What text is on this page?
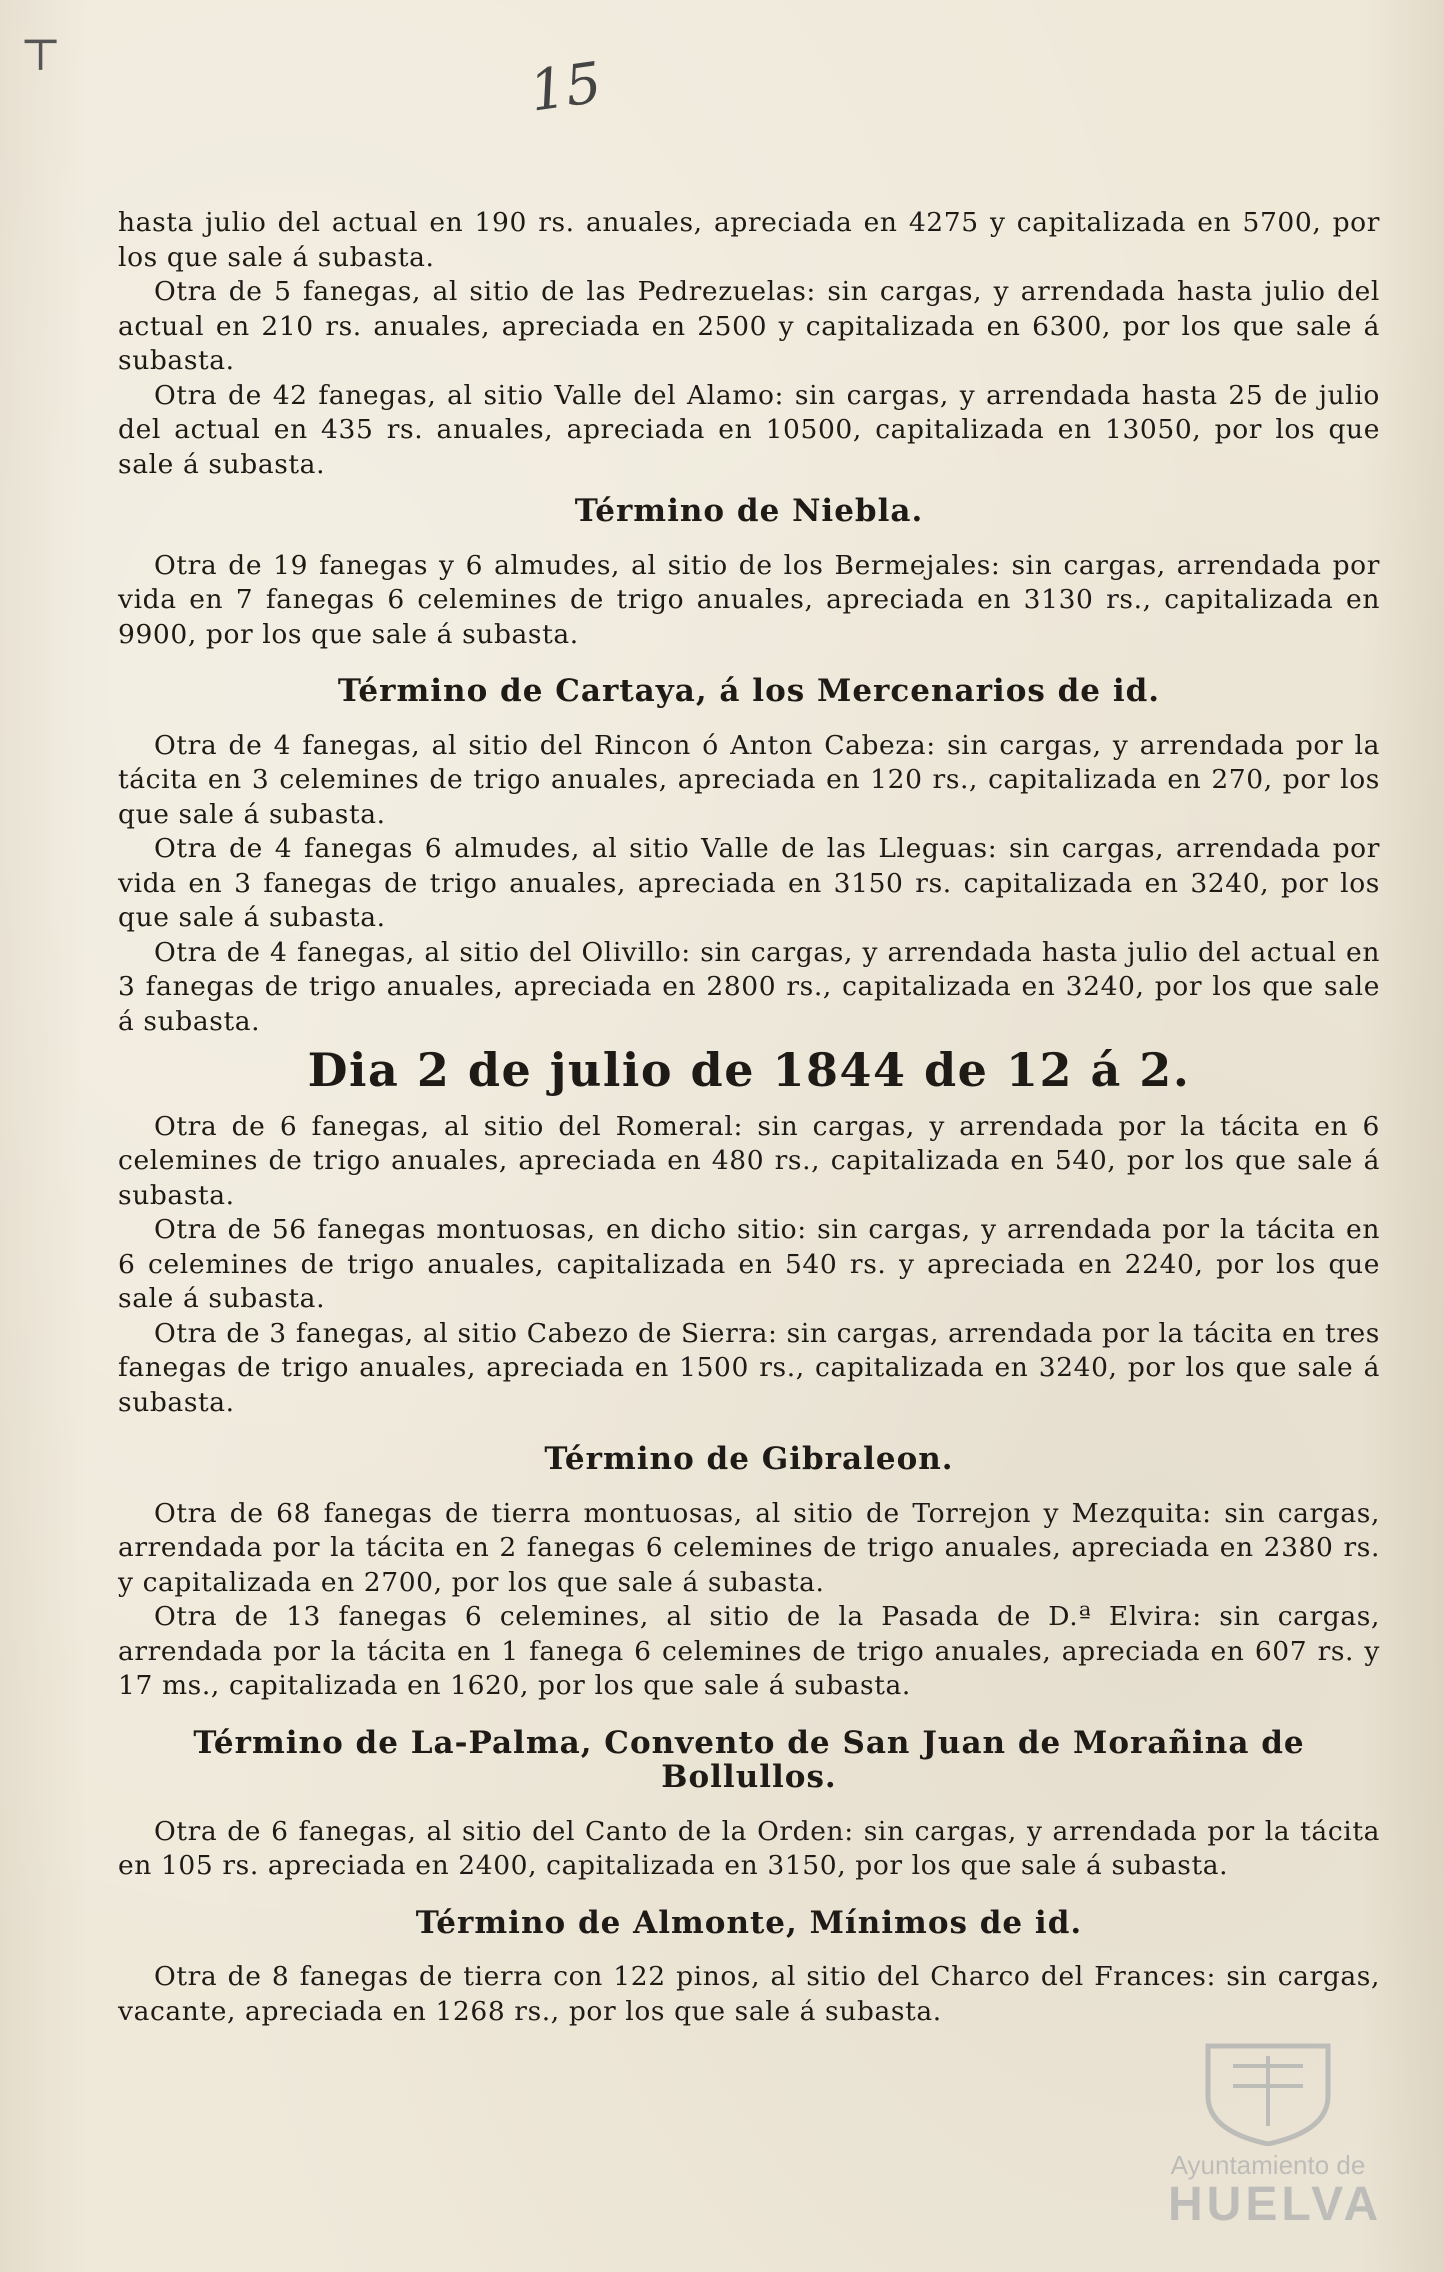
⊤	15

hasta julio del actual en 190 rs. anuales, apreciada en 4275 y capitalizada en 5700, por los que sale á subasta.

Otra de 5 fanegas, al sitio de las Pedrezuelas: sin cargas, y arrendada hasta julio del actual en 210 rs. anuales, apreciada en 2500 y capitalizada en 6300, por los que sale á subasta.

Otra de 42 fanegas, al sitio Valle del Alamo: sin cargas, y arrendada hasta 25 de julio del actual en 435 rs. anuales, apreciada en 10500, capitalizada en 13050, por los que sale á subasta.

Término de Niebla.

Otra de 19 fanegas y 6 almudes, al sitio de los Bermejales: sin cargas, arrendada por vida en 7 fanegas 6 celemines de trigo anuales, apreciada en 3130 rs., capitalizada en 9900, por los que sale á subasta.

Término de Cartaya, á los Mercenarios de id.

Otra de 4 fanegas, al sitio del Rincon ó Anton Cabeza: sin cargas, y arrendada por la tácita en 3 celemines de trigo anuales, apreciada en 120 rs., capitalizada en 270, por los que sale á subasta.

Otra de 4 fanegas 6 almudes, al sitio Valle de las Lleguas: sin cargas, arrendada por vida en 3 fanegas de trigo anuales, apreciada en 3150 rs. capitalizada en 3240, por los que sale á subasta.

Otra de 4 fanegas, al sitio del Olivillo: sin cargas, y arrendada hasta julio del actual en 3 fanegas de trigo anuales, apreciada en 2800 rs., capitalizada en 3240, por los que sale á subasta.

Dia 2 de julio de 1844 de 12 á 2.

Otra de 6 fanegas, al sitio del Romeral: sin cargas, y arrendada por la tácita en 6 celemines de trigo anuales, apreciada en 480 rs., capitalizada en 540, por los que sale á subasta.

Otra de 56 fanegas montuosas, en dicho sitio: sin cargas, y arrendada por la tácita en 6 celemines de trigo anuales, capitalizada en 540 rs. y apreciada en 2240, por los que sale á subasta.

Otra de 3 fanegas, al sitio Cabezo de Sierra: sin cargas, arrendada por la tácita en tres fanegas de trigo anuales, apreciada en 1500 rs., capitalizada en 3240, por los que sale á subasta.

Término de Gibraleon.

Otra de 68 fanegas de tierra montuosas, al sitio de Torrejon y Mezquita: sin cargas, arrendada por la tácita en 2 fanegas 6 celemines de trigo anuales, apreciada en 2380 rs. y capitalizada en 2700, por los que sale á subasta.

Otra de 13 fanegas 6 celemines, al sitio de la Pasada de D.ª Elvira: sin cargas, arrendada por la tácita en 1 fanega 6 celemines de trigo anuales, apreciada en 607 rs. y 17 ms., capitalizada en 1620, por los que sale á subasta.

Término de La-Palma, Convento de San Juan de Morañina de Bollullos.

Otra de 6 fanegas, al sitio del Canto de la Orden: sin cargas, y arrendada por la tácita en 105 rs. apreciada en 2400, capitalizada en 3150, por los que sale á subasta.

Término de Almonte, Mínimos de id.

Otra de 8 fanegas de tierra con 122 pinos, al sitio del Charco del Frances: sin cargas, vacante, apreciada en 1268 rs., por los que sale á subasta.

Ayuntamiento de
HUELVA
